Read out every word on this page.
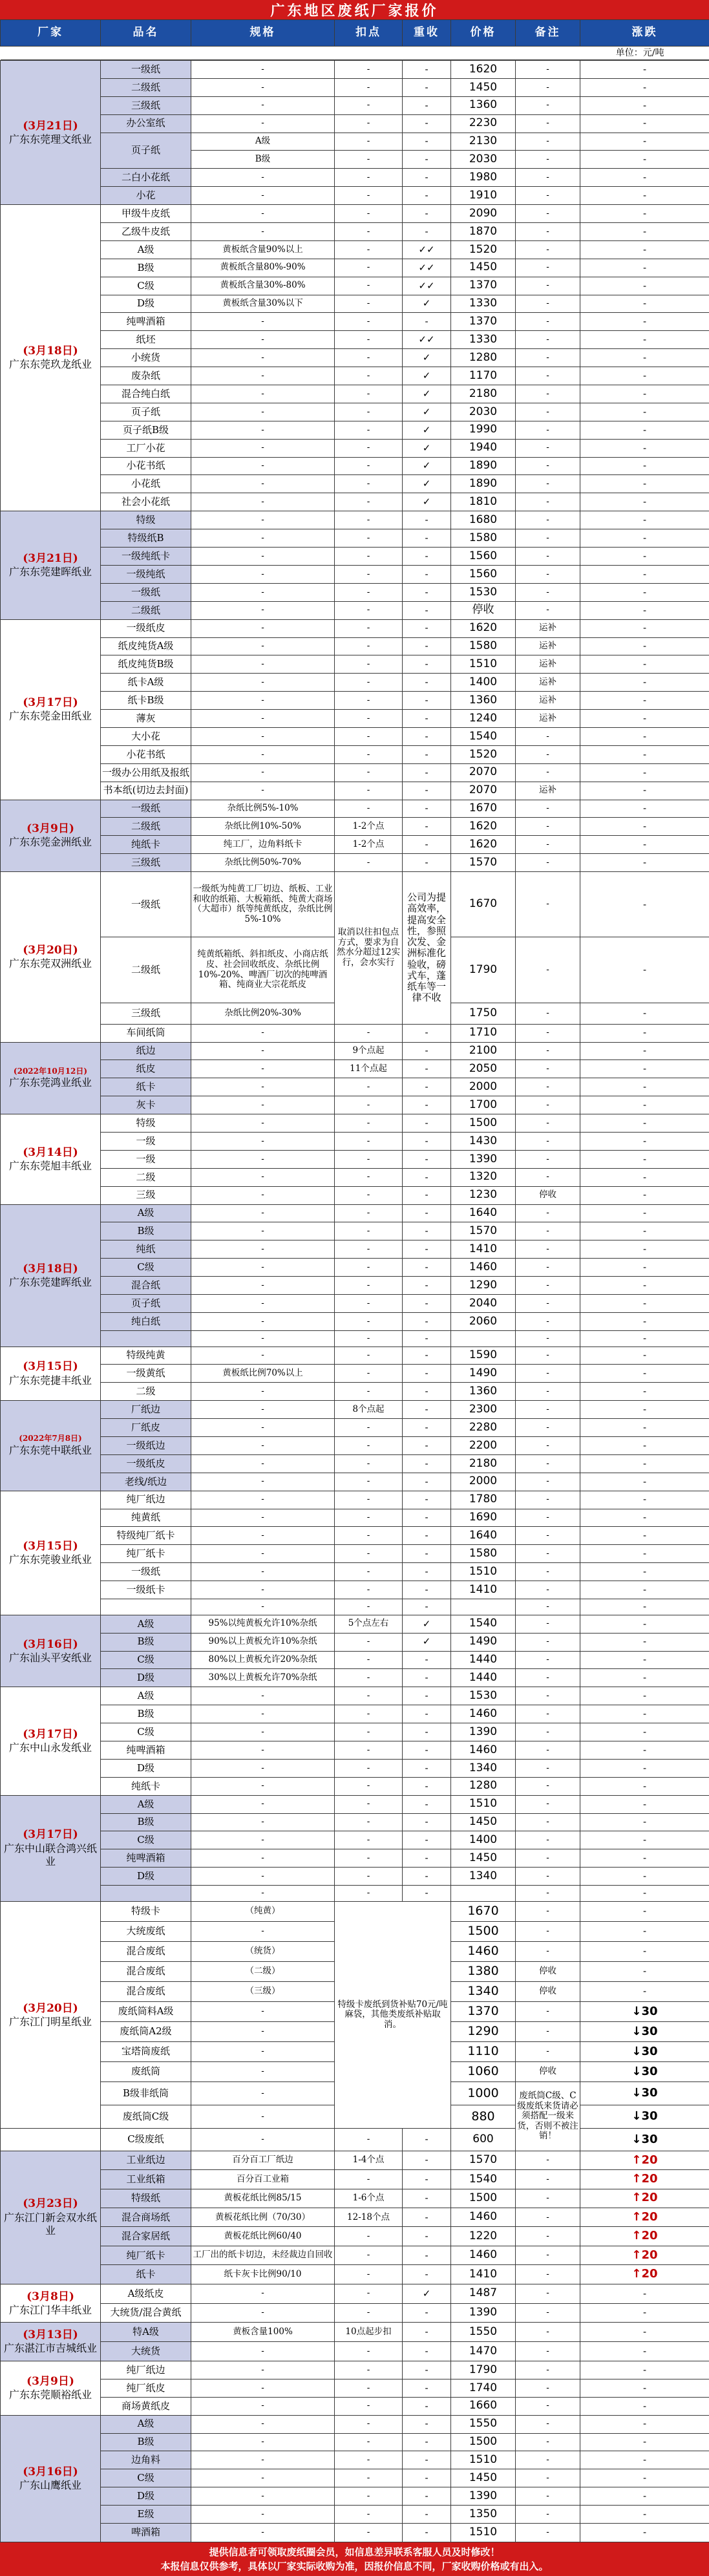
广东地区废纸厂家报价
厂家	品名	规格	扣点	重收	价格	备注	涨跌
单位：元/吨
(3月21日)
广东东莞理文纸业	一级纸	-	-	-	1620	-	-
	二级纸	-	-	-	1450	-	-
	三级纸	-	-	-	1360	-	-
	办公室纸	-	-	-	2230	-	-
	页子纸	A级	-	-	2130	-	-
		B级	-	-	2030	-	-
	二白小花纸	-	-	-	1980	-	-
	小花	-	-	-	1910	-	-

(3月18日)
广东东莞玖龙纸业	甲级牛皮纸	-	-	-	2090	-	-
	乙级牛皮纸	-	-	-	1870	-	-
	A级	黄板纸含量90%以上	-	✓✓	1520	-	-
	B级	黄板纸含量80%-90%	-	✓✓	1450	-	-
	C级	黄板纸含量30%-80%	-	✓✓	1370	-	-
	D级	黄板纸含量30%以下	-	✓	1330	-	-
	纯啤酒箱	-	-	-	1370	-	-
	纸坯	-	-	✓✓	1330	-	-
	小统货	-	-	✓	1280	-	-
	废杂纸	-	-	✓	1170	-	-
	混合纯白纸	-	-	✓	2180	-	-
	页子纸	-	-	✓	2030	-	-
	页子纸B级	-	-	✓	1990	-	-
	工厂小花	-	-	✓	1940	-	-
	小花书纸	-	-	✓	1890	-	-
	小花纸	-	-	✓	1890	-	-
	社会小花纸	-	-	✓	1810	-	-

(3月21日)
广东东莞建晖纸业	特级	-	-	-	1680	-	-
	特级纸B	-	-	-	1580	-	-
	一级纯纸卡	-	-	-	1560	-	-
	一级纯纸	-	-	-	1560	-	-
	一级纸	-	-	-	1530	-	-
	二级纸	-	-	-	停收	-	-

(3月17日)
广东东莞金田纸业	一级纸皮	-	-	-	1620	运补	-
	纸皮纯货A级	-	-	-	1580	运补	-
	纸皮纯货B级	-	-	-	1510	运补	-
	纸卡A级	-	-	-	1400	运补	-
	纸卡B级	-	-	-	1360	运补	-
	薄灰	-	-	-	1240	运补	-
	大小花	-	-	-	1540	-	-
	小花书纸	-	-	-	1520	-	-
	一级办公用纸及报纸	-	-	-	2070	-	-
	书本纸(切边去封面)	-	-	-	2070	运补	-

(3月9日)
广东东莞金洲纸业	一级纸	杂纸比例5%-10%	-	-	1670	-	-
	二级纸	杂纸比例10%-50%	1-2个点	-	1620	-	-
	纯纸卡	纯工厂，边角料纸卡	1-2个点	-	1620	-	-
	三级纸	杂纸比例50%-70%	-	-	1570	-	-

(3月20日)
广东东莞双洲纸业	一级纸	一级纸为纯黄工厂切边、纸板、工业和收的纸箱、大板箱纸、纯黄大商场（大超市）纸等纯黄纸皮，杂纸比例5%-10%	取消以往扣包点方式，要求为自然水分超过12实行，会水实行	公司为提高效率，提高安全性，参照次发、金洲标准化验收，磅式车，蓬纸车等一律不收	1670	-	-
	二级纸	纯黄纸箱纸、斜扣纸皮、小商店纸皮、社会回收纸皮、杂纸比例10%-20%、啤酒厂切次的纯啤酒箱、纯商业大宗花纸皮			1790	-	-
	三级纸	杂纸比例20%-30%			1750	-	-
	车间纸筒	-	-	-	1710	-	-

(2022年10月12日)
广东东莞鸿业纸业	纸边	-	9个点起	-	2100	-	-
	纸皮	-	11个点起	-	2050	-	-
	纸卡	-	-	-	2000	-	-
	灰卡	-	-	-	1700	-	-

(3月14日)
广东东莞旭丰纸业	特级	-	-	-	1500	-	-
	一级	-	-	-	1430	-	-
	一级	-	-	-	1390	-	-
	二级	-	-	-	1320	-	-
	三级	-	-	-	1230	停收	-

(3月18日)
广东东莞建晖纸业	A级	-	-	-	1640	-	-
	B级	-	-	-	1570	-	-
	纯纸	-	-	-	1410	-	-
	C级	-	-	-	1460	-	-
	混合纸	-	-	-	1290	-	-
	页子纸	-	-	-	2040	-	-
	纯白纸	-	-	-	2060	-	-
		-	-	-		-	-

(3月15日)
广东东莞捷丰纸业	特级纯黄	-	-	-	1590	-	-
	一级黄纸	黄板纸比例70%以上	-	-	1490	-	-
	二级	-	-	-	1360	-	-

(2022年7月8日)
广东东莞中联纸业	厂纸边	-	8个点起	-	2300	-	-
	厂纸皮	-	-	-	2280	-	-
	一级纸边	-	-	-	2200	-	-
	一级纸皮	-	-	-	2180	-	-
	老线/纸边	-	-	-	2000	-	-

(3月15日)
广东东莞骏业纸业	纯厂纸边	-	-	-	1780	-	-
	纯黄纸	-	-	-	1690	-	-
	特级纯厂纸卡	-	-	-	1640	-	-
	纯厂纸卡	-	-	-	1580	-	-
	一级纸	-	-	-	1510	-	-
	一级纸卡	-	-	-	1410	-	-
		-	-	-		-	-

(3月16日)
广东汕头平安纸业	A级	95%以纯黄板允许10%杂纸	5个点左右	✓	1540	-	-
	B级	90%以上黄板允许10%杂纸	-	✓	1490	-	-
	C级	80%以上黄板允许20%杂纸	-	-	1440	-	-
	D级	30%以上黄板允许70%杂纸	-	-	1440	-	-

(3月17日)
广东中山永发纸业	A级	-	-	-	1530	-	-
	B级	-	-	-	1460	-	-
	C级	-	-	-	1390	-	-
	纯啤酒箱	-	-	-	1460	-	-
	D级	-	-	-	1340	-	-
	纯纸卡	-	-	-	1280	-	-

(3月17日)
广东中山联合鸿兴纸业	A级	-	-	-	1510	-	-
	B级	-	-	-	1450	-	-
	C级	-	-	-	1400	-	-
	纯啤酒箱	-	-	-	1450	-	-
	D级	-	-	-	1340	-	-
		-	-	-		-	-

(3月20日)
广东江门明星纸业	特级卡	（纯黄）	特级卡废纸到货补贴70元/吨麻袋，其他类废纸补贴取消。		1670	-	-
	大统废纸	-			1500	-	-
	混合废纸	（统货）			1460	-	-
	混合废纸	（二级）			1380	停收	-
	混合废纸	（三级）			1340	停收	-
	废纸筒料A级	-			1370	-	↓30
	废纸筒A2级	-			1290	-	↓30
	宝塔筒废纸	-			1110	-	↓30
	废纸筒	-			1060	停收	↓30
	B级非纸筒	-			1000	废纸筒C级、C级废纸来货请必须搭配一级来货，否则不被注销！	↓30
	废纸筒C级	-			880		↓30
	C级废纸	-	-	-	600		↓30

(3月23日)
广东江门新会双水纸业	工业纸边	百分百工厂纸边	1-4个点	-	1570	-	↑20
	工业纸箱	百分百工业箱	-	-	1540	-	↑20
	特级纸	黄板花纸比例85/15	1-6个点	-	1500	-	↑20
	混合商场纸	黄板花纸比例（70/30）	12-18个点	-	1460	-	↑20
	混合家居纸	黄板花纸比例60/40	-	-	1220	-	↑20
	纯厂纸卡	工厂出的纸卡切边，未经裁边自回收	-	-	1460	-	↑20
	纸卡	纸卡灰卡比例90/10	-	-	1410	-	↑20

(3月8日)
广东江门华丰纸业	A级纸皮	-	-	✓	1487	-	-
	大统货/混合黄纸	-	-	-	1390	-	-

(3月13日)
广东湛江市吉城纸业	特A级	黄板含量100%	10点起步扣	-	1550	-	-
	大统货	-	-	-	1470	-	-

(3月9日)
广东东莞顺裕纸业	纯厂纸边	-	-	-	1790	-	-
	纯厂纸皮	-	-	-	1740	-	-
	商场黄纸皮	-	-	-	1660	-	-

(3月16日)
广东山鹰纸业	A级	-	-	-	1550	-	-
	B级	-	-	-	1500	-	-
	边角料	-	-	-	1510	-	-
	C级	-	-	-	1450	-	-
	D级	-	-	-	1390	-	-
	E级	-	-	-	1350	-	-
	啤酒箱	-	-	-	1510	-	-
提供信息者可领取废纸圈会员，如信息差异联系客服人员及时修改！
本报信息仅供参考，具体以厂家实际收购为准，因报价信息不同，厂家收购价格或有出入。
